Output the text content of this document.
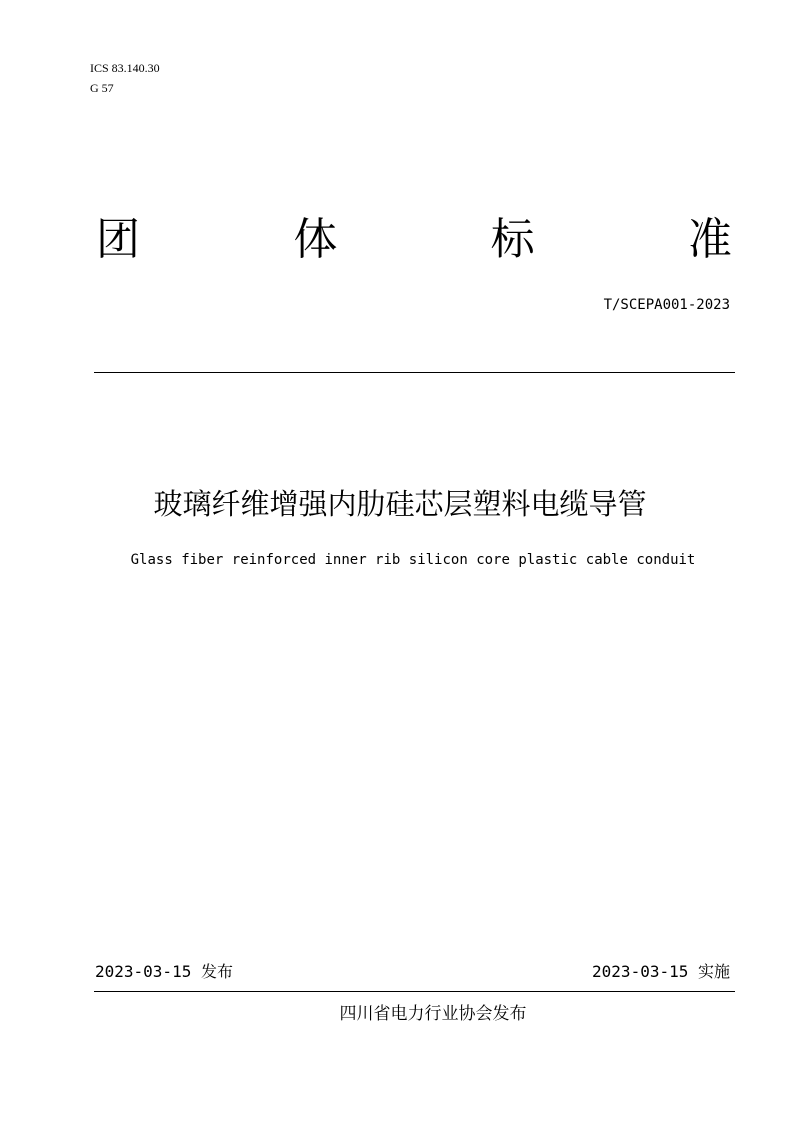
ICS 83.140.30
G 57
团	体	标	准
T/SCEPA001-2023
玻璃纤维增强内肋硅芯层塑料电缆导管
Glass fiber reinforced inner rib silicon core plastic cable conduit
2023-03-15 发布	2023-03-15 实施
四川省电力行业协会发布
